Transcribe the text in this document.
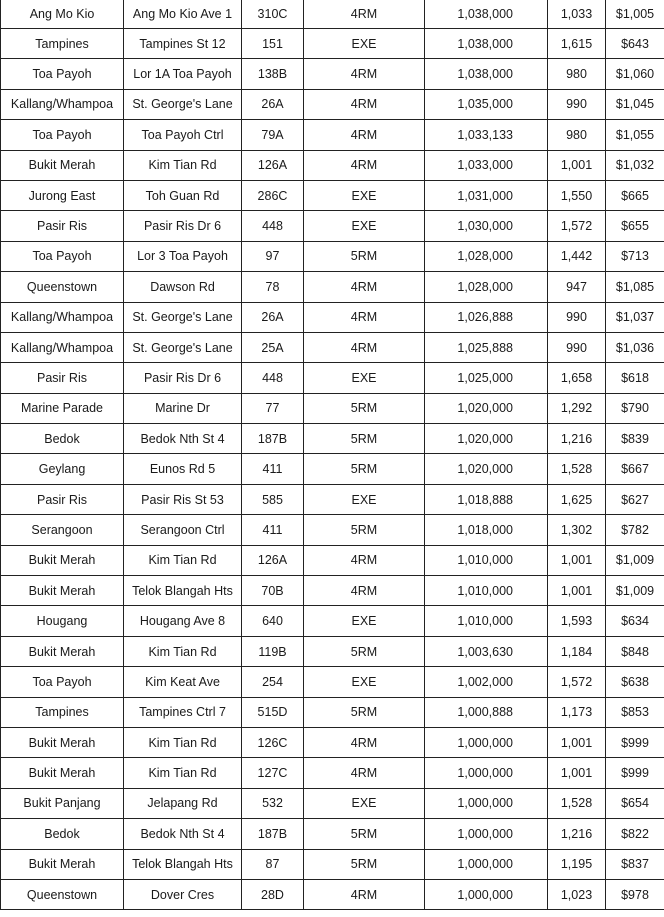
Ang Mo Kio	Ang Mo Kio Ave 1	310C	4RM	1,038,000	1,033	$1,005
Tampines	Tampines St 12	151	EXE	1,038,000	1,615	$643
Toa Payoh	Lor 1A Toa Payoh	138B	4RM	1,038,000	980	$1,060
Kallang/Whampoa	St. George's Lane	26A	4RM	1,035,000	990	$1,045
Toa Payoh	Toa Payoh Ctrl	79A	4RM	1,033,133	980	$1,055
Bukit Merah	Kim Tian Rd	126A	4RM	1,033,000	1,001	$1,032
Jurong East	Toh Guan Rd	286C	EXE	1,031,000	1,550	$665
Pasir Ris	Pasir Ris Dr 6	448	EXE	1,030,000	1,572	$655
Toa Payoh	Lor 3 Toa Payoh	97	5RM	1,028,000	1,442	$713
Queenstown	Dawson Rd	78	4RM	1,028,000	947	$1,085
Kallang/Whampoa	St. George's Lane	26A	4RM	1,026,888	990	$1,037
Kallang/Whampoa	St. George's Lane	25A	4RM	1,025,888	990	$1,036
Pasir Ris	Pasir Ris Dr 6	448	EXE	1,025,000	1,658	$618
Marine Parade	Marine Dr	77	5RM	1,020,000	1,292	$790
Bedok	Bedok Nth St 4	187B	5RM	1,020,000	1,216	$839
Geylang	Eunos Rd 5	411	5RM	1,020,000	1,528	$667
Pasir Ris	Pasir Ris St 53	585	EXE	1,018,888	1,625	$627
Serangoon	Serangoon Ctrl	411	5RM	1,018,000	1,302	$782
Bukit Merah	Kim Tian Rd	126A	4RM	1,010,000	1,001	$1,009
Bukit Merah	Telok Blangah Hts	70B	4RM	1,010,000	1,001	$1,009
Hougang	Hougang Ave 8	640	EXE	1,010,000	1,593	$634
Bukit Merah	Kim Tian Rd	119B	5RM	1,003,630	1,184	$848
Toa Payoh	Kim Keat Ave	254	EXE	1,002,000	1,572	$638
Tampines	Tampines Ctrl 7	515D	5RM	1,000,888	1,173	$853
Bukit Merah	Kim Tian Rd	126C	4RM	1,000,000	1,001	$999
Bukit Merah	Kim Tian Rd	127C	4RM	1,000,000	1,001	$999
Bukit Panjang	Jelapang Rd	532	EXE	1,000,000	1,528	$654
Bedok	Bedok Nth St 4	187B	5RM	1,000,000	1,216	$822
Bukit Merah	Telok Blangah Hts	87	5RM	1,000,000	1,195	$837
Queenstown	Dover Cres	28D	4RM	1,000,000	1,023	$978
